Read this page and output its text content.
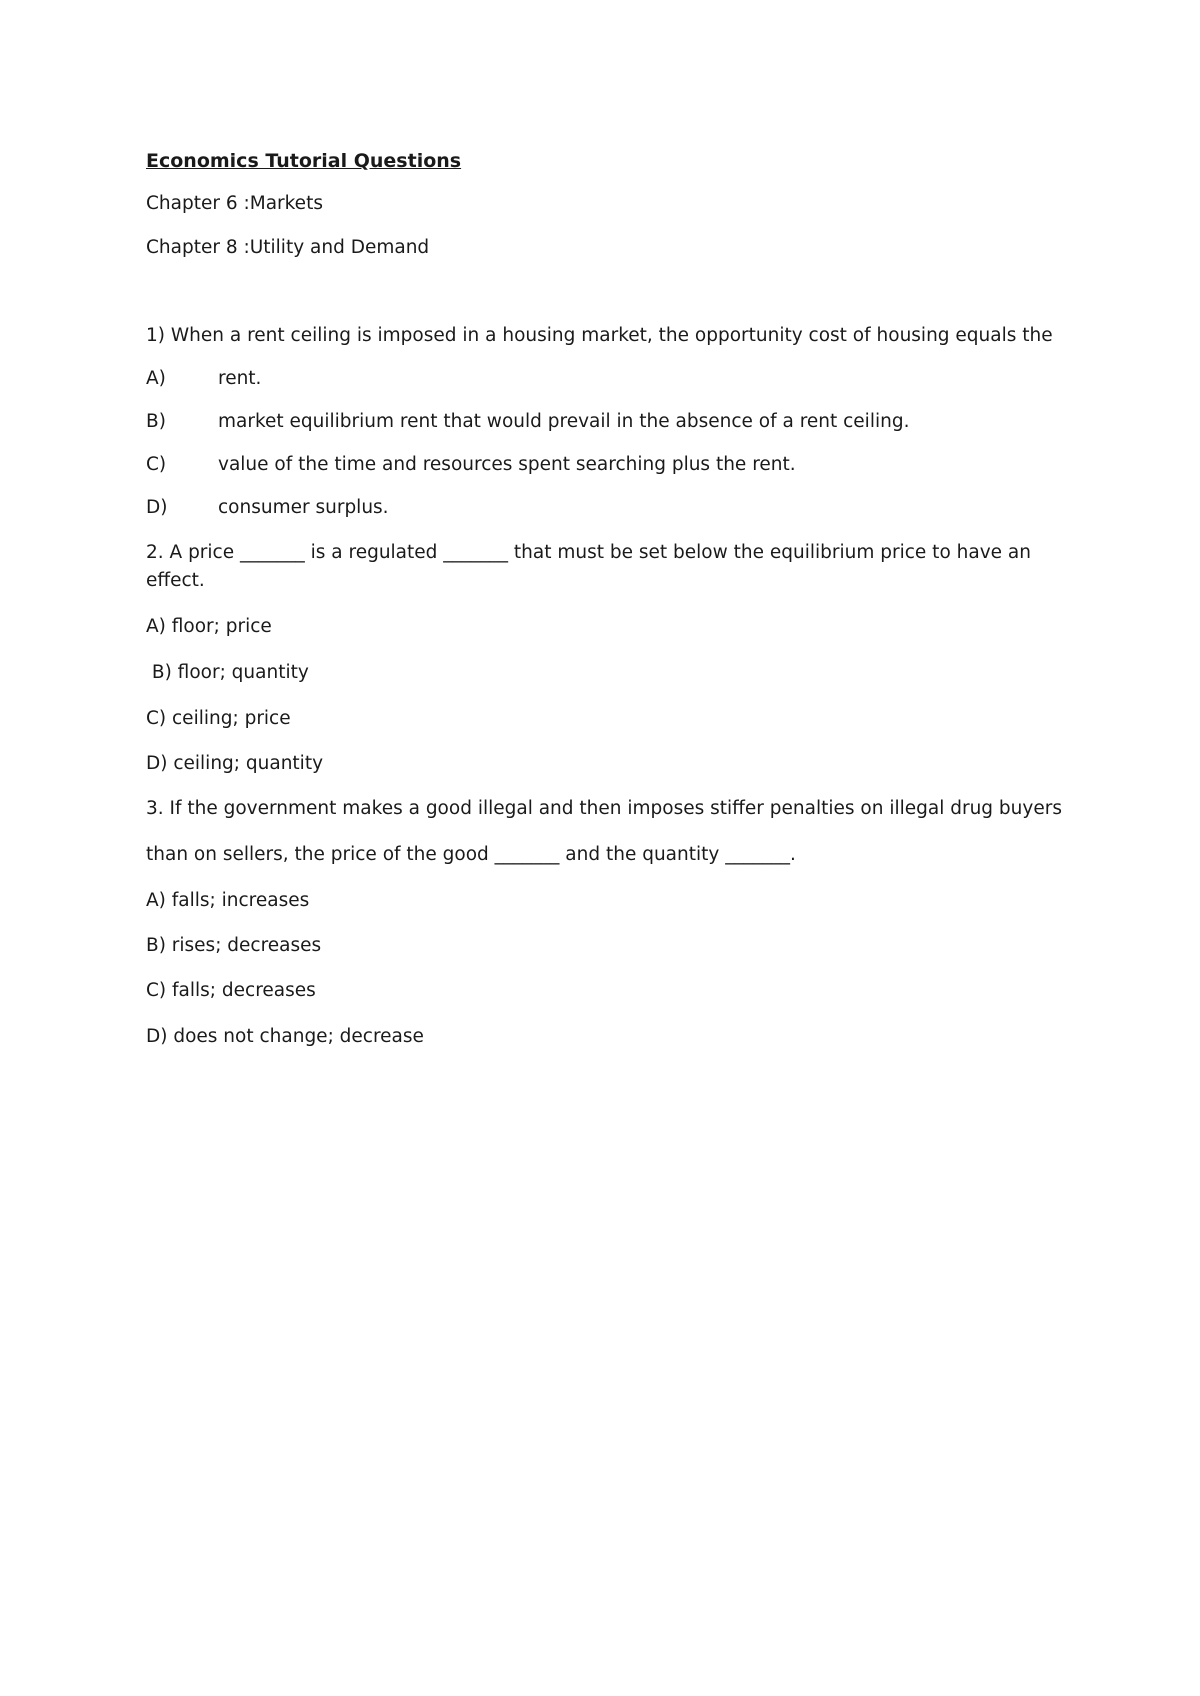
Economics Tutorial Questions
Chapter 6 :Markets
Chapter 8 :Utility and Demand
1) When a rent ceiling is imposed in a housing market, the opportunity cost of housing equals the
A)	rent.
B)	market equilibrium rent that would prevail in the absence of a rent ceiling.
C)	value of the time and resources spent searching plus the rent.
D)	consumer surplus.
2. A price _______ is a regulated _______ that must be set below the equilibrium price to have an effect.
A) floor; price
B) floor; quantity
C) ceiling; price
D) ceiling; quantity
3. If the government makes a good illegal and then imposes stiffer penalties on illegal drug buyers
than on sellers, the price of the good _______ and the quantity _______.
A) falls; increases
B) rises; decreases
C) falls; decreases
D) does not change; decrease
